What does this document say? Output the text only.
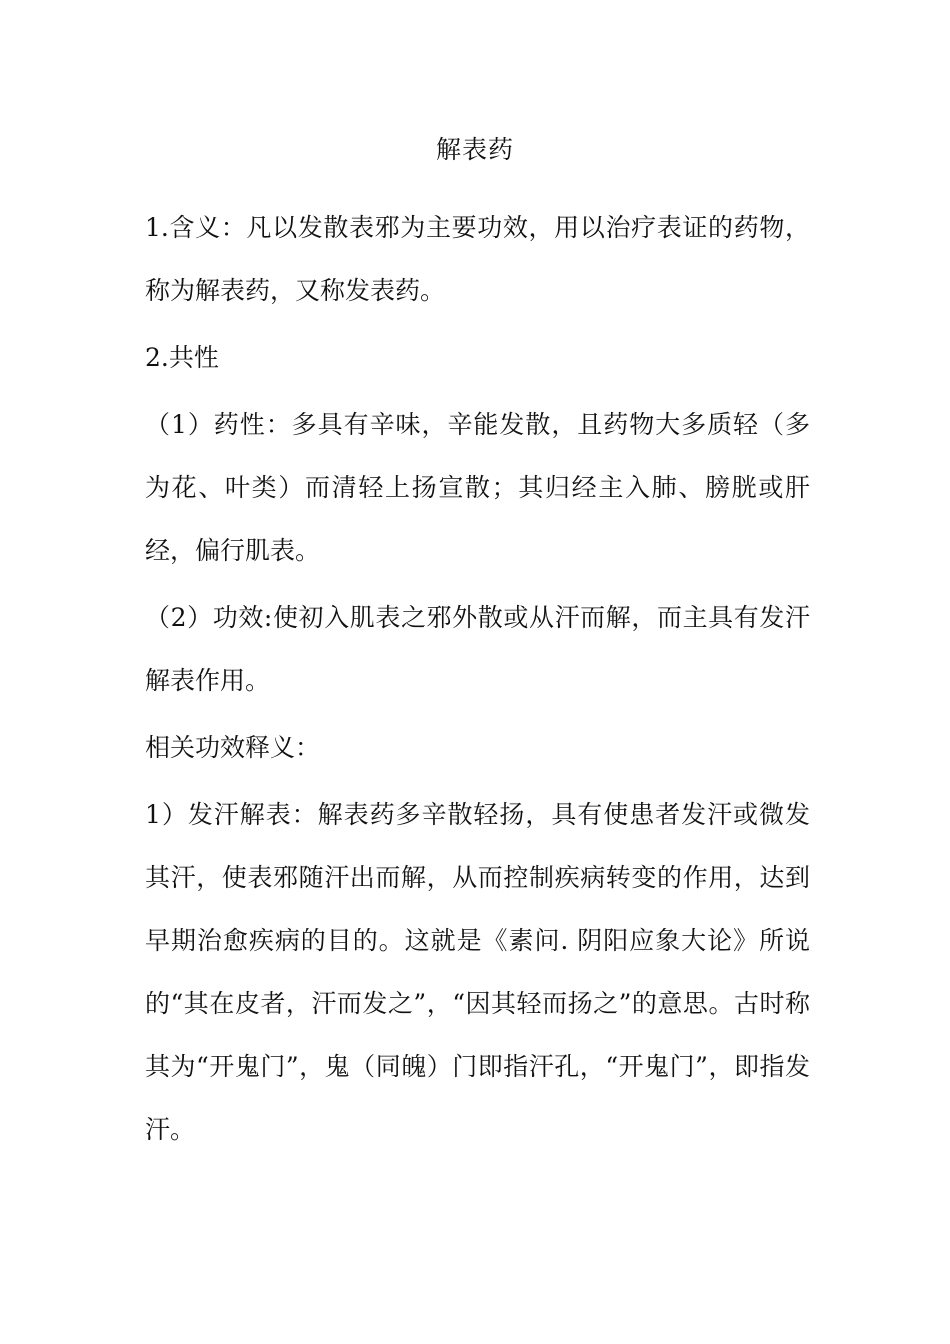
解表药

1.含义：凡以发散表邪为主要功效，用以治疗表证的药物，称为解表药，又称发表药。

2.共性

（1）药性：多具有辛味，辛能发散，且药物大多质轻（多为花、叶类）而清轻上扬宣散；其归经主入肺、膀胱或肝经，偏行肌表。

（2）功效:使初入肌表之邪外散或从汗而解，而主具有发汗解表作用。

相关功效释义：

1）发汗解表：解表药多辛散轻扬，具有使患者发汗或微发其汗，使表邪随汗出而解，从而控制疾病转变的作用，达到早期治愈疾病的目的。这就是《素问. 阴阳应象大论》所说的“其在皮者，汗而发之”，“因其轻而扬之”的意思。古时称其为“开鬼门”，鬼（同魄）门即指汗孔，“开鬼门”，即指发汗。
